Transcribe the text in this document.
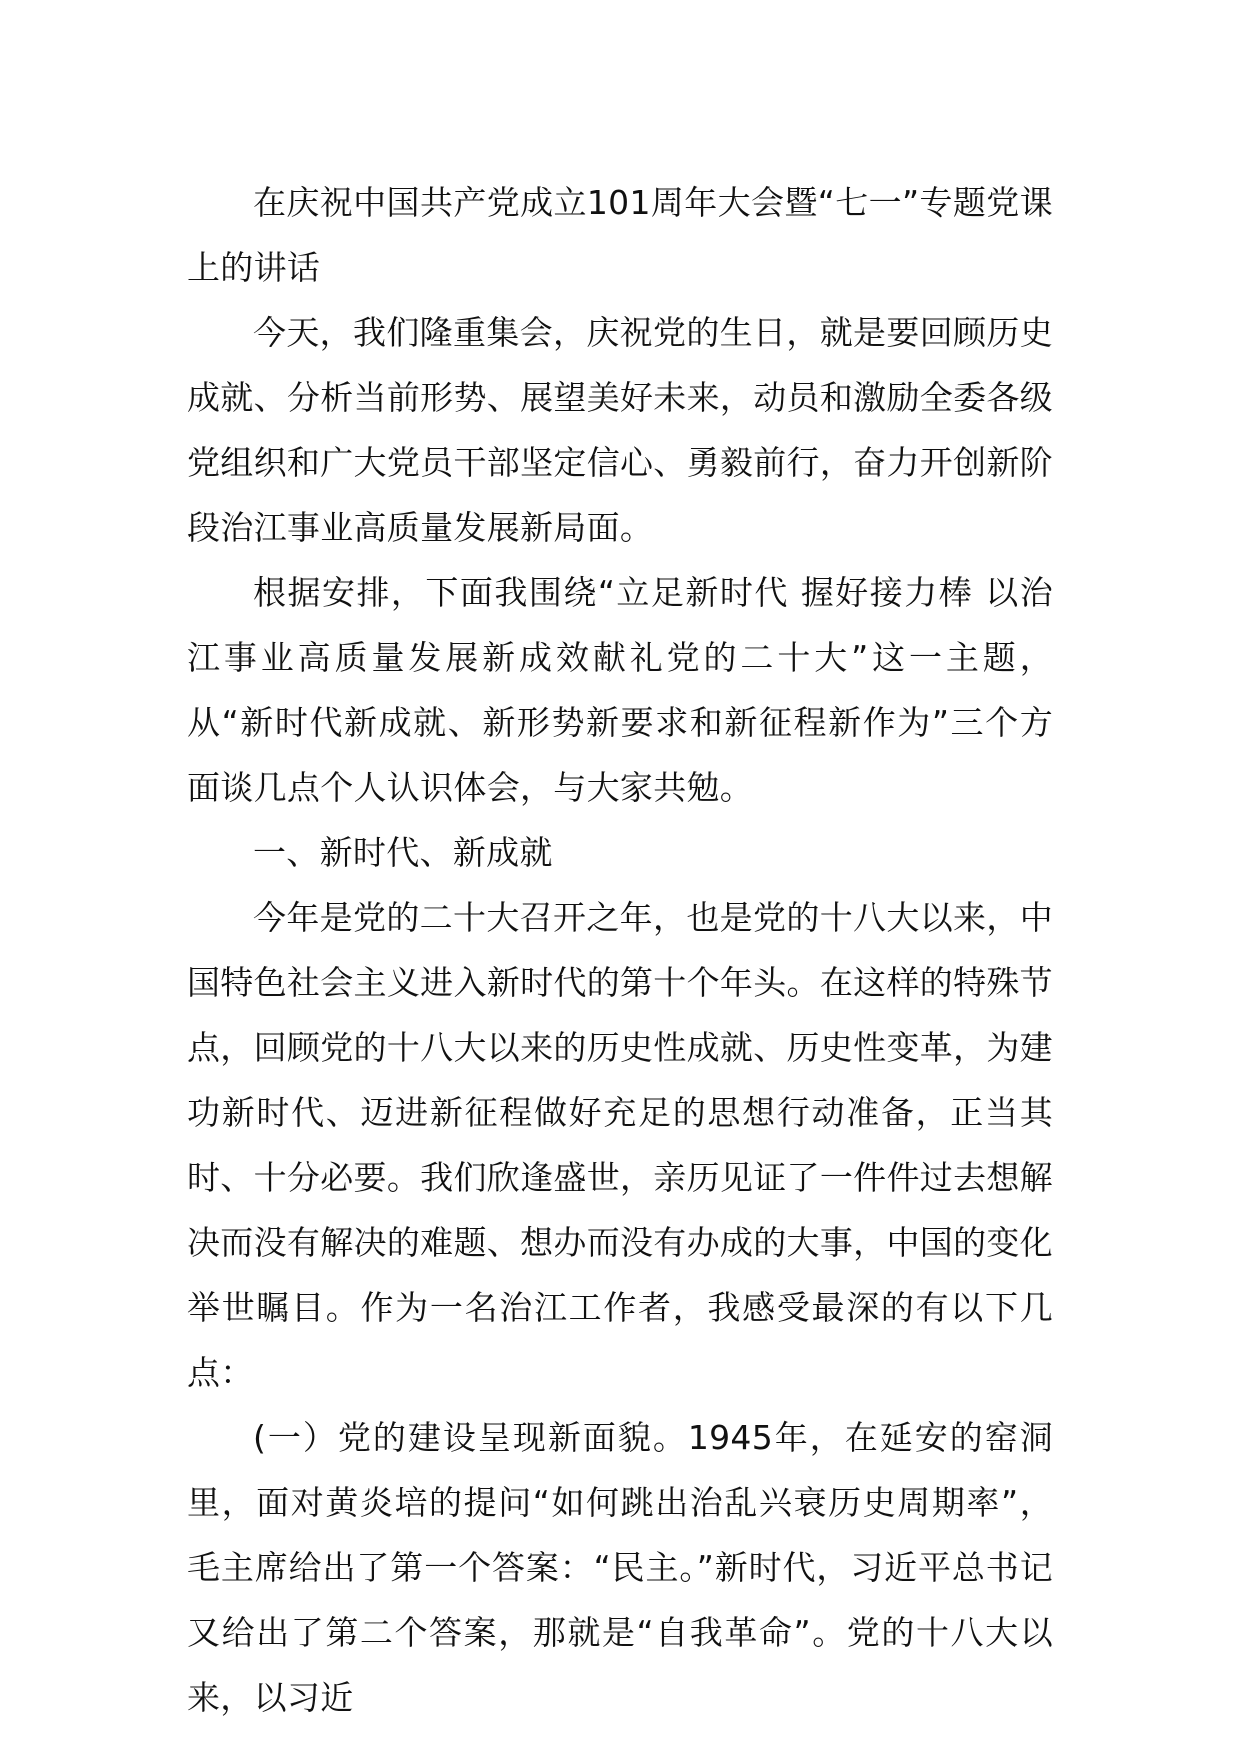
在庆祝中国共产党成立101周年大会暨“七一”专题党课上的讲话

今天，我们隆重集会，庆祝党的生日，就是要回顾历史成就、分析当前形势、展望美好未来，动员和激励全委各级党组织和广大党员干部坚定信心、勇毅前行，奋力开创新阶段治江事业高质量发展新局面。

根据安排，下面我围绕“立足新时代 握好接力棒 以治江事业高质量发展新成效献礼党的二十大”这一主题，从“新时代新成就、新形势新要求和新征程新作为”三个方面谈几点个人认识体会，与大家共勉。

一、新时代、新成就

今年是党的二十大召开之年，也是党的十八大以来，中国特色社会主义进入新时代的第十个年头。在这样的特殊节点，回顾党的十八大以来的历史性成就、历史性变革，为建功新时代、迈进新征程做好充足的思想行动准备，正当其时、十分必要。我们欣逢盛世，亲历见证了一件件过去想解决而没有解决的难题、想办而没有办成的大事，中国的变化举世瞩目。作为一名治江工作者，我感受最深的有以下几点：

(一）党的建设呈现新面貌。1945年，在延安的窑洞里，面对黄炎培的提问“如何跳出治乱兴衰历史周期率”，毛主席给出了第一个答案：“民主。”新时代，习近平总书记又给出了第二个答案，那就是“自我革命”。党的十八大以来，以习近
